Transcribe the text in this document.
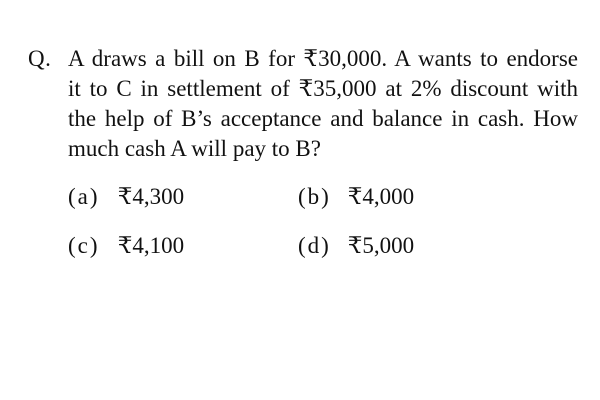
Q. A draws a bill on B for ₹30,000. A wants to endorse
it to C in settlement of ₹35,000 at 2% discount with
the help of B’s acceptance and balance in cash. How
much cash A will pay to B?
(a) ₹4,300	(b) ₹4,000
(c) ₹4,100	(d) ₹5,000
